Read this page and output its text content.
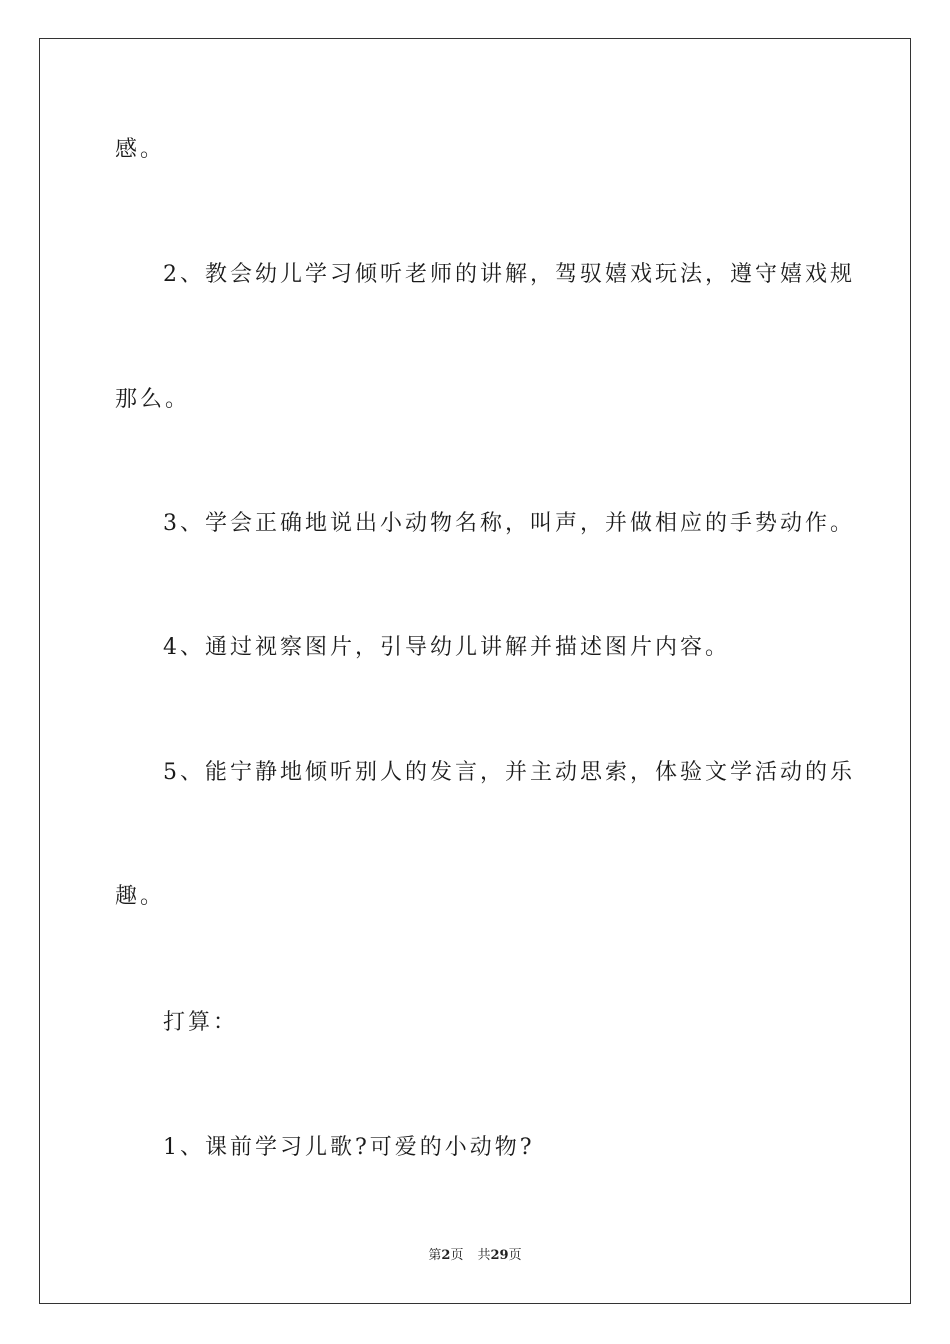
感。
2、教会幼儿学习倾听老师的讲解，驾驭嬉戏玩法，遵守嬉戏规
那么。
3、学会正确地说出小动物名称，叫声，并做相应的手势动作。
4、通过视察图片，引导幼儿讲解并描述图片内容。
5、能宁静地倾听别人的发言，并主动思索，体验文学活动的乐
趣。
打算：
1、课前学习儿歌?可爱的小动物?
第2页 共29页
